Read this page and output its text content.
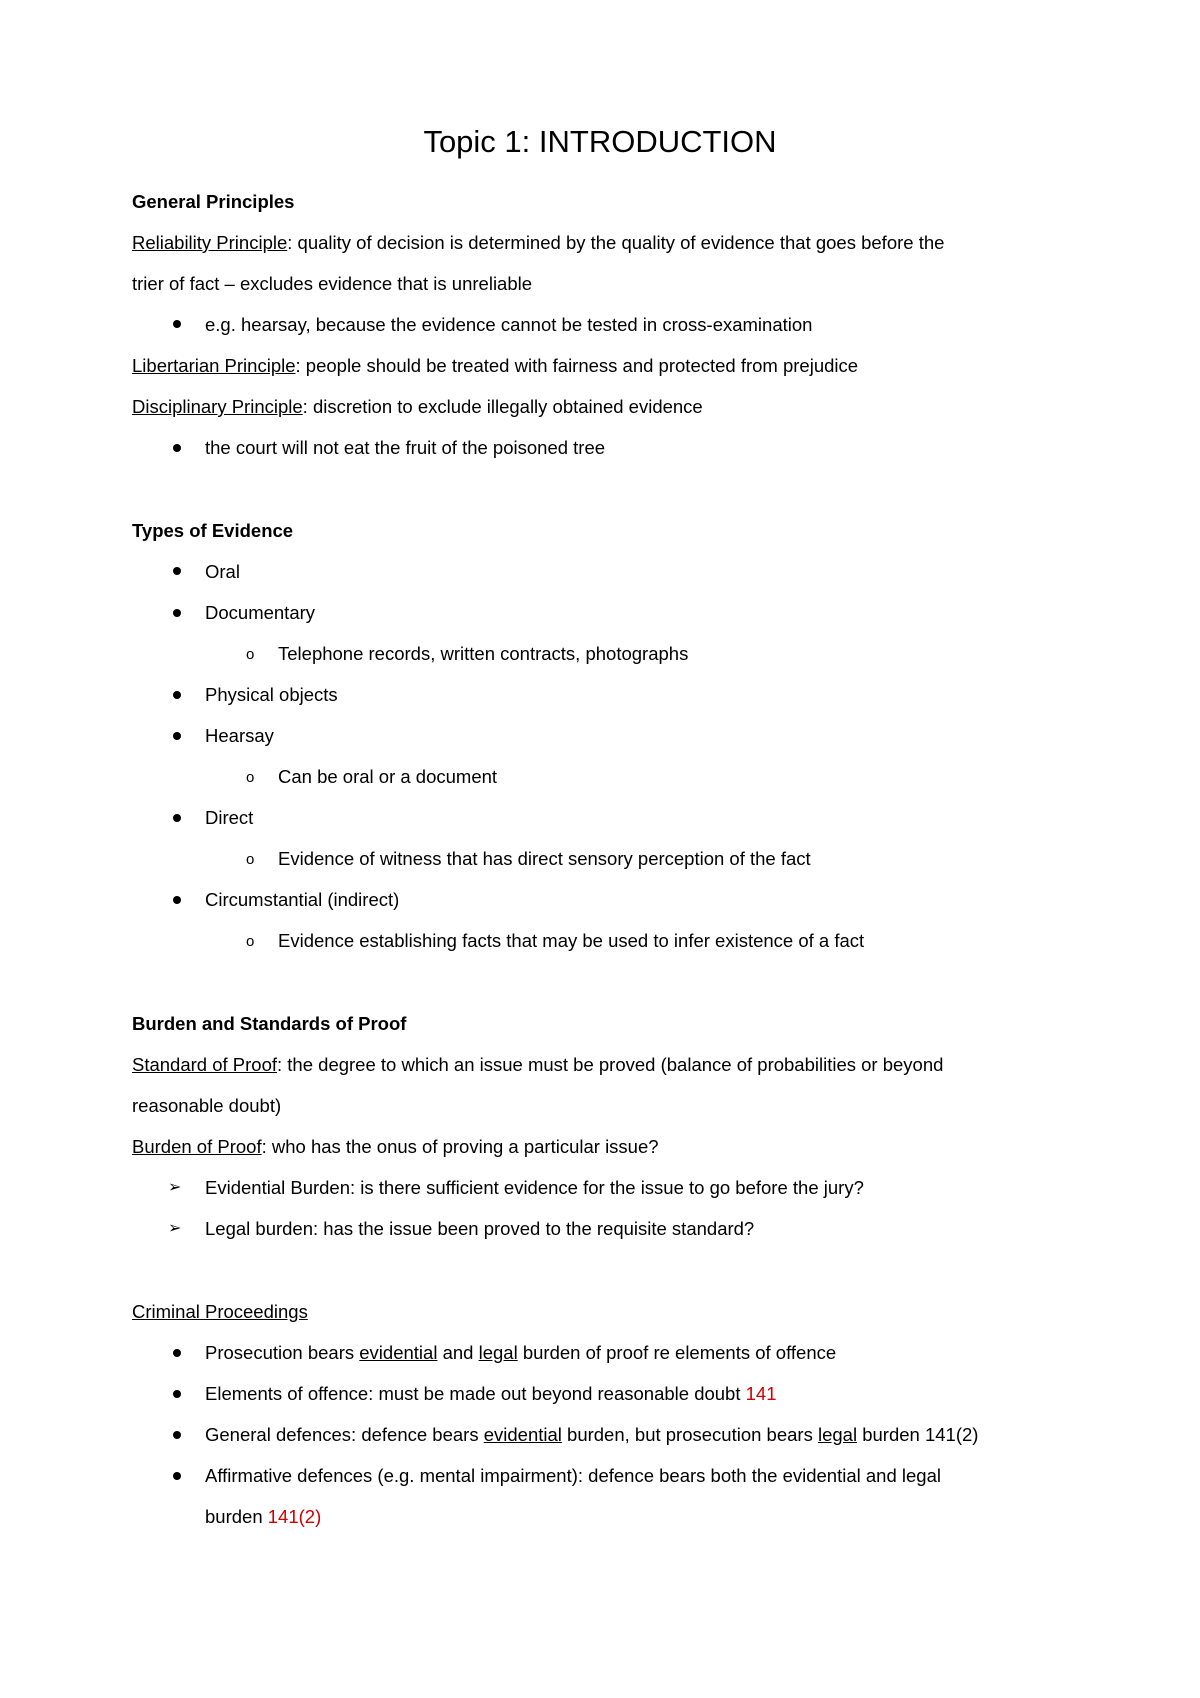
Topic 1: INTRODUCTION
General Principles
Reliability Principle: quality of decision is determined by the quality of evidence that goes before the
trier of fact – excludes evidence that is unreliable
e.g. hearsay, because the evidence cannot be tested in cross-examination
Libertarian Principle: people should be treated with fairness and protected from prejudice
Disciplinary Principle: discretion to exclude illegally obtained evidence
the court will not eat the fruit of the poisoned tree
Types of Evidence
Oral
Documentary
o Telephone records, written contracts, photographs
Physical objects
Hearsay
o Can be oral or a document
Direct
o Evidence of witness that has direct sensory perception of the fact
Circumstantial (indirect)
o Evidence establishing facts that may be used to infer existence of a fact
Burden and Standards of Proof
Standard of Proof: the degree to which an issue must be proved (balance of probabilities or beyond
reasonable doubt)
Burden of Proof: who has the onus of proving a particular issue?
➢ Evidential Burden: is there sufficient evidence for the issue to go before the jury?
➢ Legal burden: has the issue been proved to the requisite standard?
Criminal Proceedings
Prosecution bears evidential and legal burden of proof re elements of offence
Elements of offence: must be made out beyond reasonable doubt 141
General defences: defence bears evidential burden, but prosecution bears legal burden 141(2)
Affirmative defences (e.g. mental impairment): defence bears both the evidential and legal
burden 141(2)
